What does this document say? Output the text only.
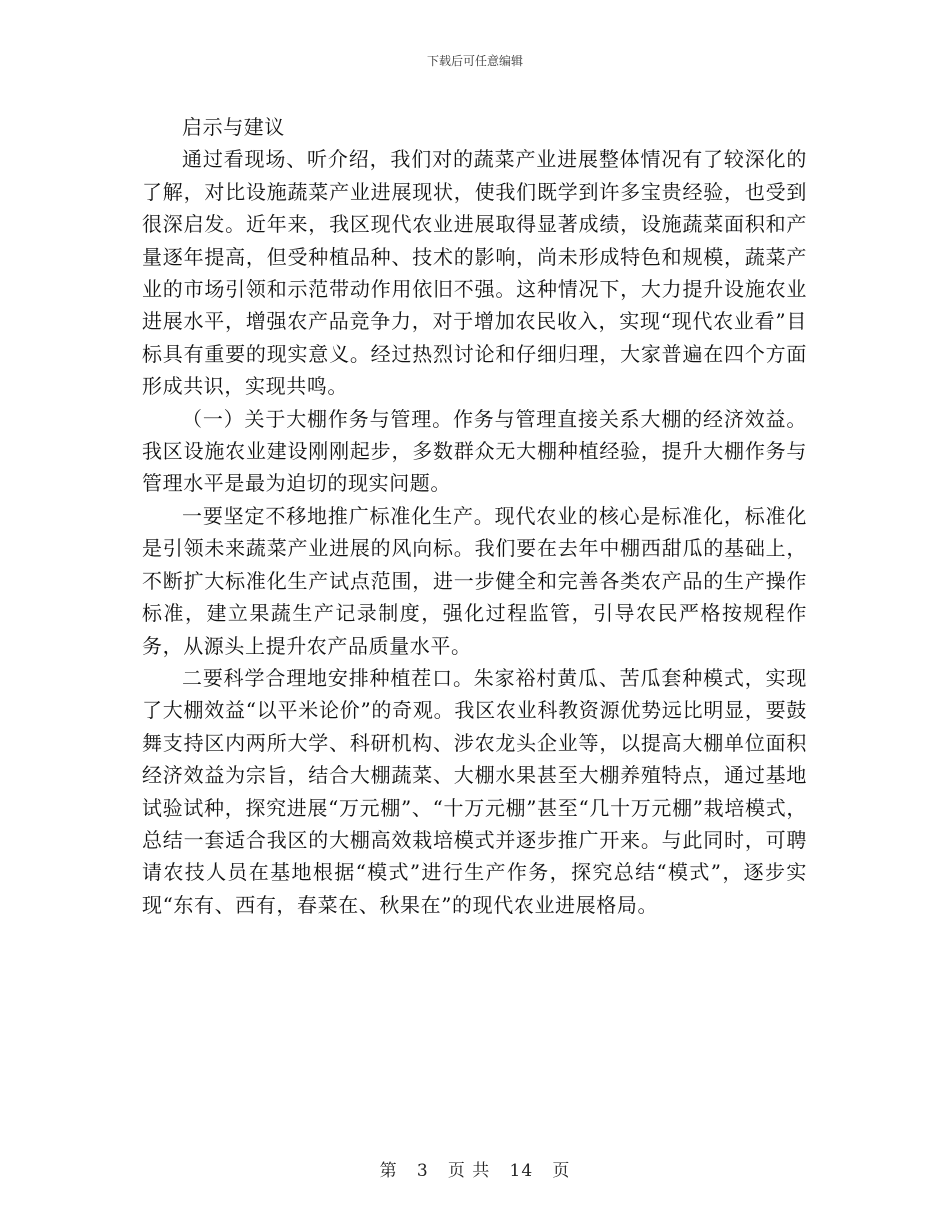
下载后可任意编辑

启示与建议

通过看现场、听介绍，我们对的蔬菜产业进展整体情况有了较深化的了解，对比设施蔬菜产业进展现状，使我们既学到许多宝贵经验，也受到很深启发。近年来，我区现代农业进展取得显著成绩，设施蔬菜面积和产量逐年提高，但受种植品种、技术的影响，尚未形成特色和规模，蔬菜产业的市场引领和示范带动作用依旧不强。这种情况下，大力提升设施农业进展水平，增强农产品竞争力，对于增加农民收入，实现“现代农业看”目标具有重要的现实意义。经过热烈讨论和仔细归理，大家普遍在四个方面形成共识，实现共鸣。

（一）关于大棚作务与管理。作务与管理直接关系大棚的经济效益。我区设施农业建设刚刚起步，多数群众无大棚种植经验，提升大棚作务与管理水平是最为迫切的现实问题。

一要坚定不移地推广标准化生产。现代农业的核心是标准化，标准化是引领未来蔬菜产业进展的风向标。我们要在去年中棚西甜瓜的基础上，不断扩大标准化生产试点范围，进一步健全和完善各类农产品的生产操作标准，建立果蔬生产记录制度，强化过程监管，引导农民严格按规程作务，从源头上提升农产品质量水平。

二要科学合理地安排种植茬口。朱家裕村黄瓜、苦瓜套种模式，实现了大棚效益“以平米论价”的奇观。我区农业科教资源优势远比明显，要鼓舞支持区内两所大学、科研机构、涉农龙头企业等，以提高大棚单位面积经济效益为宗旨，结合大棚蔬菜、大棚水果甚至大棚养殖特点，通过基地试验试种，探究进展“万元棚”、“十万元棚”甚至“几十万元棚”栽培模式，总结一套适合我区的大棚高效栽培模式并逐步推广开来。与此同时，可聘请农技人员在基地根据“模式”进行生产作务，探究总结“模式”，逐步实现“东有、西有，春菜在、秋果在”的现代农业进展格局。

第 3 页 共 14 页
